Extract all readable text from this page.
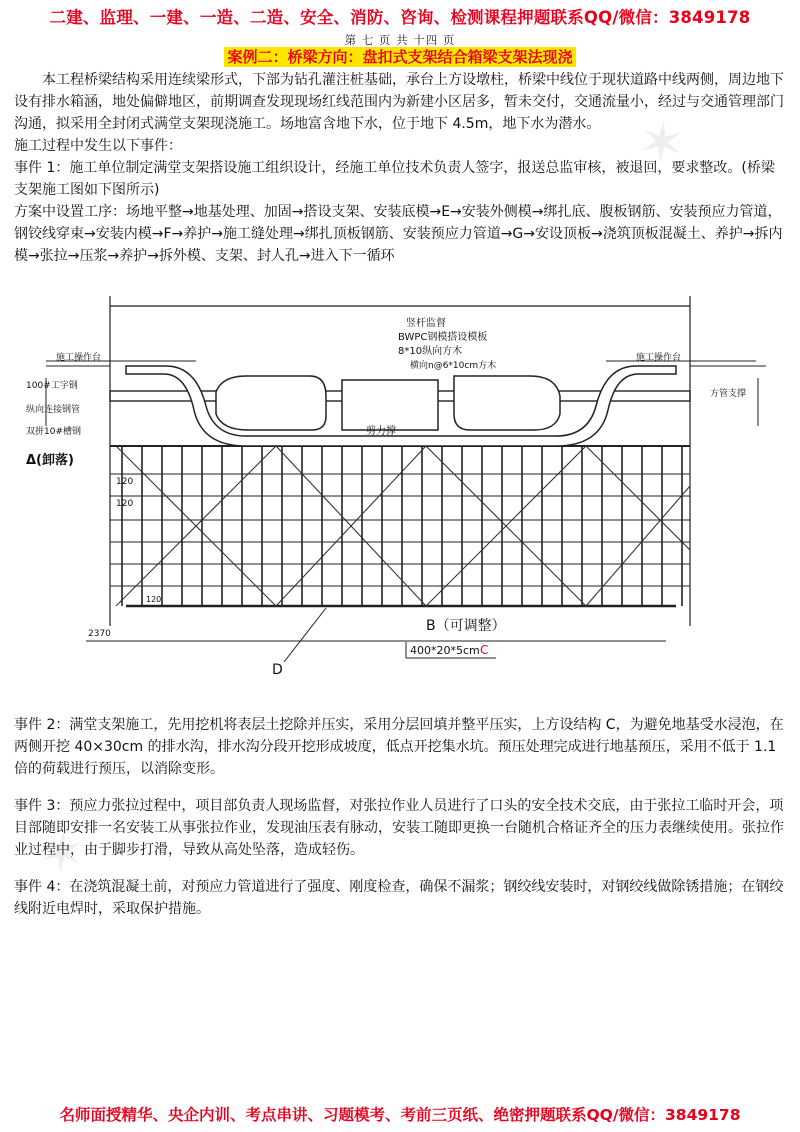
✶
✶
二建、监理、一建、一造、二造、安全、消防、咨询、检测课程押题联系QQ/微信：3849178
第 七 页 共 十四 页
案例二：桥梁方向：盘扣式支架结合箱梁支架法现浇

本工程桥梁结构采用连续梁形式，下部为钻孔灌注桩基础，承台上方设墩柱，桥梁中线位于现状道路中线两侧，周边地下设有排水箱涵，地处偏僻地区，前期调查发现现场红线范围内为新建小区居多，暂未交付，交通流量小，经过与交通管理部门沟通，拟采用全封闭式满堂支架现浇施工。场地富含地下水，位于地下 4.5m，地下水为潜水。

施工过程中发生以下事件：

事件 1：施工单位制定满堂支架搭设施工组织设计，经施工单位技术负责人签字，报送总监审核，被退回，要求整改。(桥梁支架施工图如下图所示)

方案中设置工序：场地平整→地基处理、加固→搭设支架、安装底模→E→安装外侧模→绑扎底、腹板钢筋、安装预应力管道，钢铰线穿束→安装内模→F→养护→施工缝处理→绑扎顶板钢筋、安装预应力管道→G→安设顶板→浇筑顶板混凝土、养护→拆内模→张拉→压浆→养护→拆外模、支架、封人孔→进入下一循环

竖杆监督
BWPC钢模搭设模板
8*10纵向方木
横向n@6*10cm方木
施工操作台	施工操作台
100#工字钢
纵向连接钢管
双拼10#槽钢
Δ(卸落)
剪力撑
方管支撑
120
120
120
2370	B（可调整）
D
400*20*5cm C

事件 2：满堂支架施工，先用挖机将表层土挖除并压实，采用分层回填并整平压实，上方设结构 C，为避免地基受水浸泡，在两侧开挖 40×30cm 的排水沟，排水沟分段开挖形成坡度，低点开挖集水坑。预压处理完成进行地基预压，采用不低于 1.1 倍的荷载进行预压，以消除变形。

事件 3：预应力张拉过程中，项目部负责人现场监督，对张拉作业人员进行了口头的安全技术交底，由于张拉工临时开会，项目部随即安排一名安装工从事张拉作业，发现油压表有脉动，安装工随即更换一台随机合格证齐全的压力表继续使用。张拉作业过程中，由于脚步打滑，导致从高处坠落，造成轻伤。

事件 4：在浇筑混凝土前，对预应力管道进行了强度、刚度检查，确保不漏浆；钢绞线安装时，对钢绞线做除锈措施；在钢绞线附近电焊时，采取保护措施。

名师面授精华、央企内训、考点串讲、习题模考、考前三页纸、绝密押题联系QQ/微信：3849178
